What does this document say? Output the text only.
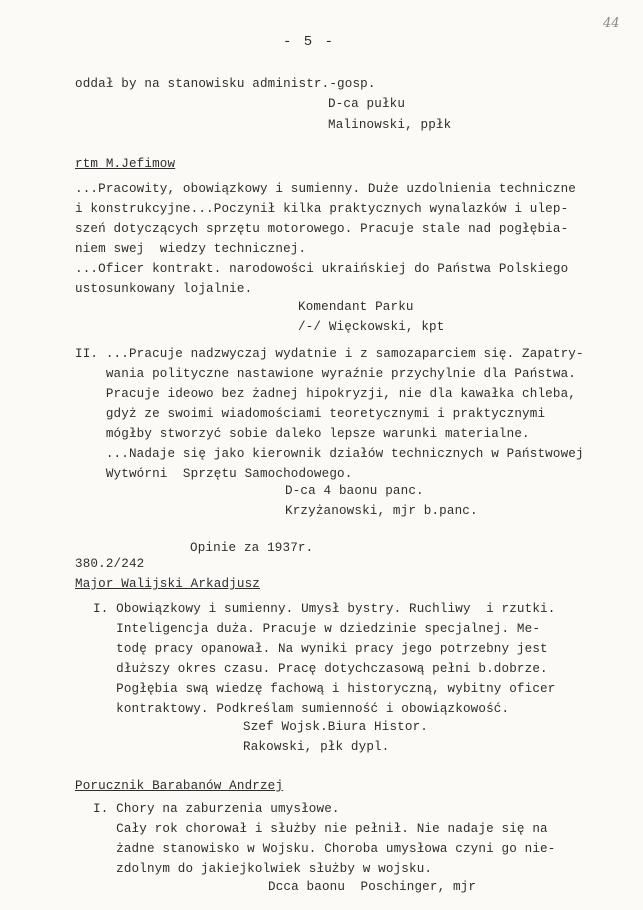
- 5 -
44
oddał by na stanowisku administr.-gosp.
D-ca pułku
Malinowski, ppłk
rtm M.Jefimow
...Pracowity, obowiązkowy i sumienny. Duże uzdolnienia techniczne
i konstrukcyjne...Poczynił kilka praktycznych wynalazków i ulep-
szeń dotyczących sprzętu motorowego. Pracuje stale nad pogłębia-
niem swej  wiedzy technicznej.
...Oficer kontrakt. narodowości ukraińskiej do Państwa Polskiego
ustosunkowany lojalnie.
Komendant Parku
/-/ Więckowski, kpt
II. ...Pracuje nadzwyczaj wydatnie i z samozaparciem się. Zapatry-
wania polityczne nastawione wyraźnie przychylnie dla Państwa.
Pracuje ideowo bez żadnej hipokryzji, nie dla kawałka chleba,
gdyż ze swoimi wiadomościami teoretycznymi i praktycznymi
mógłby stworzyć sobie daleko lepsze warunki materialne.
...Nadaje się jako kierownik działów technicznych w Państwowej
Wytwórni  Sprzętu Samochodowego.
D-ca 4 baonu panc.
Krzyżanowski, mjr b.panc.
Opinie za 1937r.
380.2/242
Major Walijski Arkadjusz
I. Obowiązkowy i sumienny. Umysł bystry. Ruchliwy  i rzutki.
Inteligencja duża. Pracuje w dziedzinie specjalnej. Me-
todę pracy opanował. Na wyniki pracy jego potrzebny jest
dłuższy okres czasu. Pracę dotychczasową pełni b.dobrze.
Pogłębia swą wiedzę fachową i historyczną, wybitny oficer
kontraktowy. Podkreślam sumienność i obowiązkowość.
Szef Wojsk.Biura Histor.
Rakowski, płk dypl.
Porucznik Barabanów Andrzej
I. Chory na zaburzenia umysłowe.
Cały rok chorował i służby nie pełnił. Nie nadaje się na
żadne stanowisko w Wojsku. Choroba umysłowa czyni go nie-
zdolnym do jakiejkolwiek służby w wojsku.
Dcca baonu  Poschinger, mjr
